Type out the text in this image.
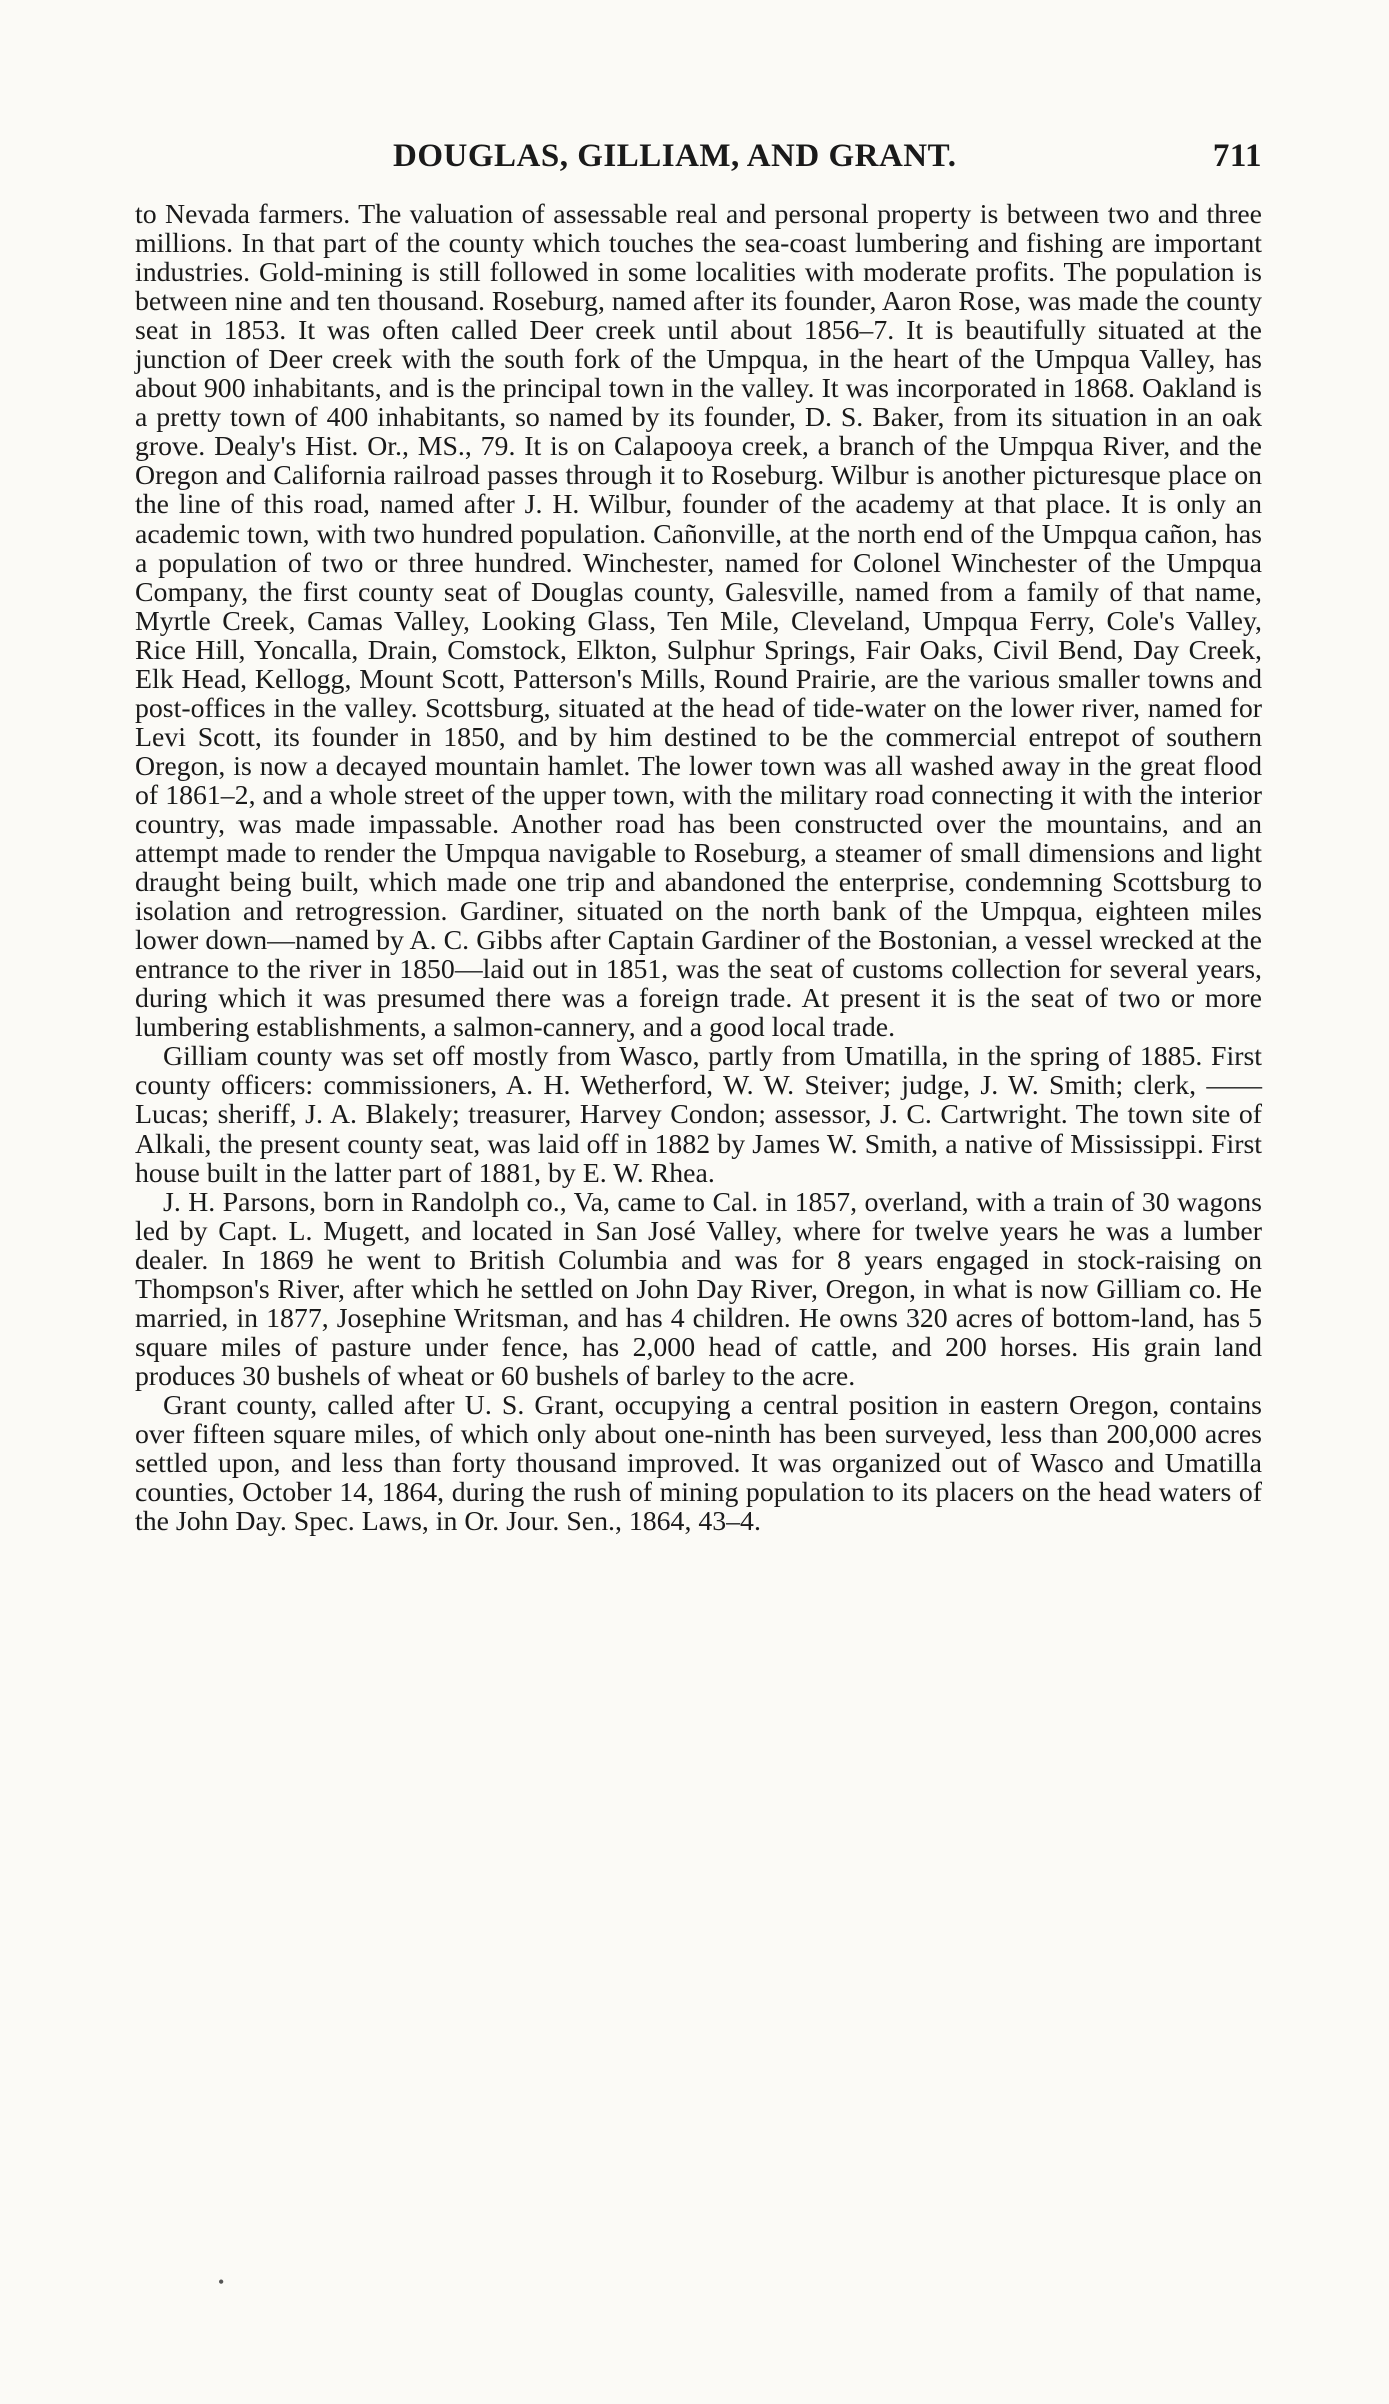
DOUGLAS, GILLIAM, AND GRANT.	711

to Nevada farmers. The valuation of assessable real and personal property is between two and three millions. In that part of the county which touches the sea-coast lumbering and fishing are important industries. Gold-mining is still followed in some localities with moderate profits. The population is between nine and ten thousand. Roseburg, named after its founder, Aaron Rose, was made the county seat in 1853. It was often called Deer creek until about 1856–7. It is beautifully situated at the junction of Deer creek with the south fork of the Umpqua, in the heart of the Umpqua Valley, has about 900 inhabitants, and is the principal town in the valley. It was incorporated in 1868. Oakland is a pretty town of 400 inhabitants, so named by its founder, D. S. Baker, from its situation in an oak grove. Dealy's Hist. Or., MS., 79. It is on Calapooya creek, a branch of the Umpqua River, and the Oregon and California railroad passes through it to Roseburg. Wilbur is another picturesque place on the line of this road, named after J. H. Wilbur, founder of the academy at that place. It is only an academic town, with two hundred population. Cañonville, at the north end of the Umpqua cañon, has a population of two or three hundred. Winchester, named for Colonel Winchester of the Umpqua Company, the first county seat of Douglas county, Galesville, named from a family of that name, Myrtle Creek, Camas Valley, Looking Glass, Ten Mile, Cleveland, Umpqua Ferry, Cole's Valley, Rice Hill, Yoncalla, Drain, Comstock, Elkton, Sulphur Springs, Fair Oaks, Civil Bend, Day Creek, Elk Head, Kellogg, Mount Scott, Patterson's Mills, Round Prairie, are the various smaller towns and post-offices in the valley. Scottsburg, situated at the head of tide-water on the lower river, named for Levi Scott, its founder in 1850, and by him destined to be the commercial entrepot of southern Oregon, is now a decayed mountain hamlet. The lower town was all washed away in the great flood of 1861–2, and a whole street of the upper town, with the military road connecting it with the interior country, was made impassable. Another road has been constructed over the mountains, and an attempt made to render the Umpqua navigable to Roseburg, a steamer of small dimensions and light draught being built, which made one trip and abandoned the enterprise, condemning Scottsburg to isolation and retrogression. Gardiner, situated on the north bank of the Umpqua, eighteen miles lower down—named by A. C. Gibbs after Captain Gardiner of the Bostonian, a vessel wrecked at the entrance to the river in 1850—laid out in 1851, was the seat of customs collection for several years, during which it was presumed there was a foreign trade. At present it is the seat of two or more lumbering establishments, a salmon-cannery, and a good local trade.

Gilliam county was set off mostly from Wasco, partly from Umatilla, in the spring of 1885. First county officers: commissioners, A. H. Wetherford, W. W. Steiver; judge, J. W. Smith; clerk, —— Lucas; sheriff, J. A. Blakely; treasurer, Harvey Condon; assessor, J. C. Cartwright. The town site of Alkali, the present county seat, was laid off in 1882 by James W. Smith, a native of Mississippi. First house built in the latter part of 1881, by E. W. Rhea.

J. H. Parsons, born in Randolph co., Va, came to Cal. in 1857, overland, with a train of 30 wagons led by Capt. L. Mugett, and located in San José Valley, where for twelve years he was a lumber dealer. In 1869 he went to British Columbia and was for 8 years engaged in stock-raising on Thompson's River, after which he settled on John Day River, Oregon, in what is now Gilliam co. He married, in 1877, Josephine Writsman, and has 4 children. He owns 320 acres of bottom-land, has 5 square miles of pasture under fence, has 2,000 head of cattle, and 200 horses. His grain land produces 30 bushels of wheat or 60 bushels of barley to the acre.

Grant county, called after U. S. Grant, occupying a central position in eastern Oregon, contains over fifteen square miles, of which only about one-ninth has been surveyed, less than 200,000 acres settled upon, and less than forty thousand improved. It was organized out of Wasco and Umatilla counties, October 14, 1864, during the rush of mining population to its placers on the head waters of the John Day. Spec. Laws, in Or. Jour. Sen., 1864, 43–4.

•
